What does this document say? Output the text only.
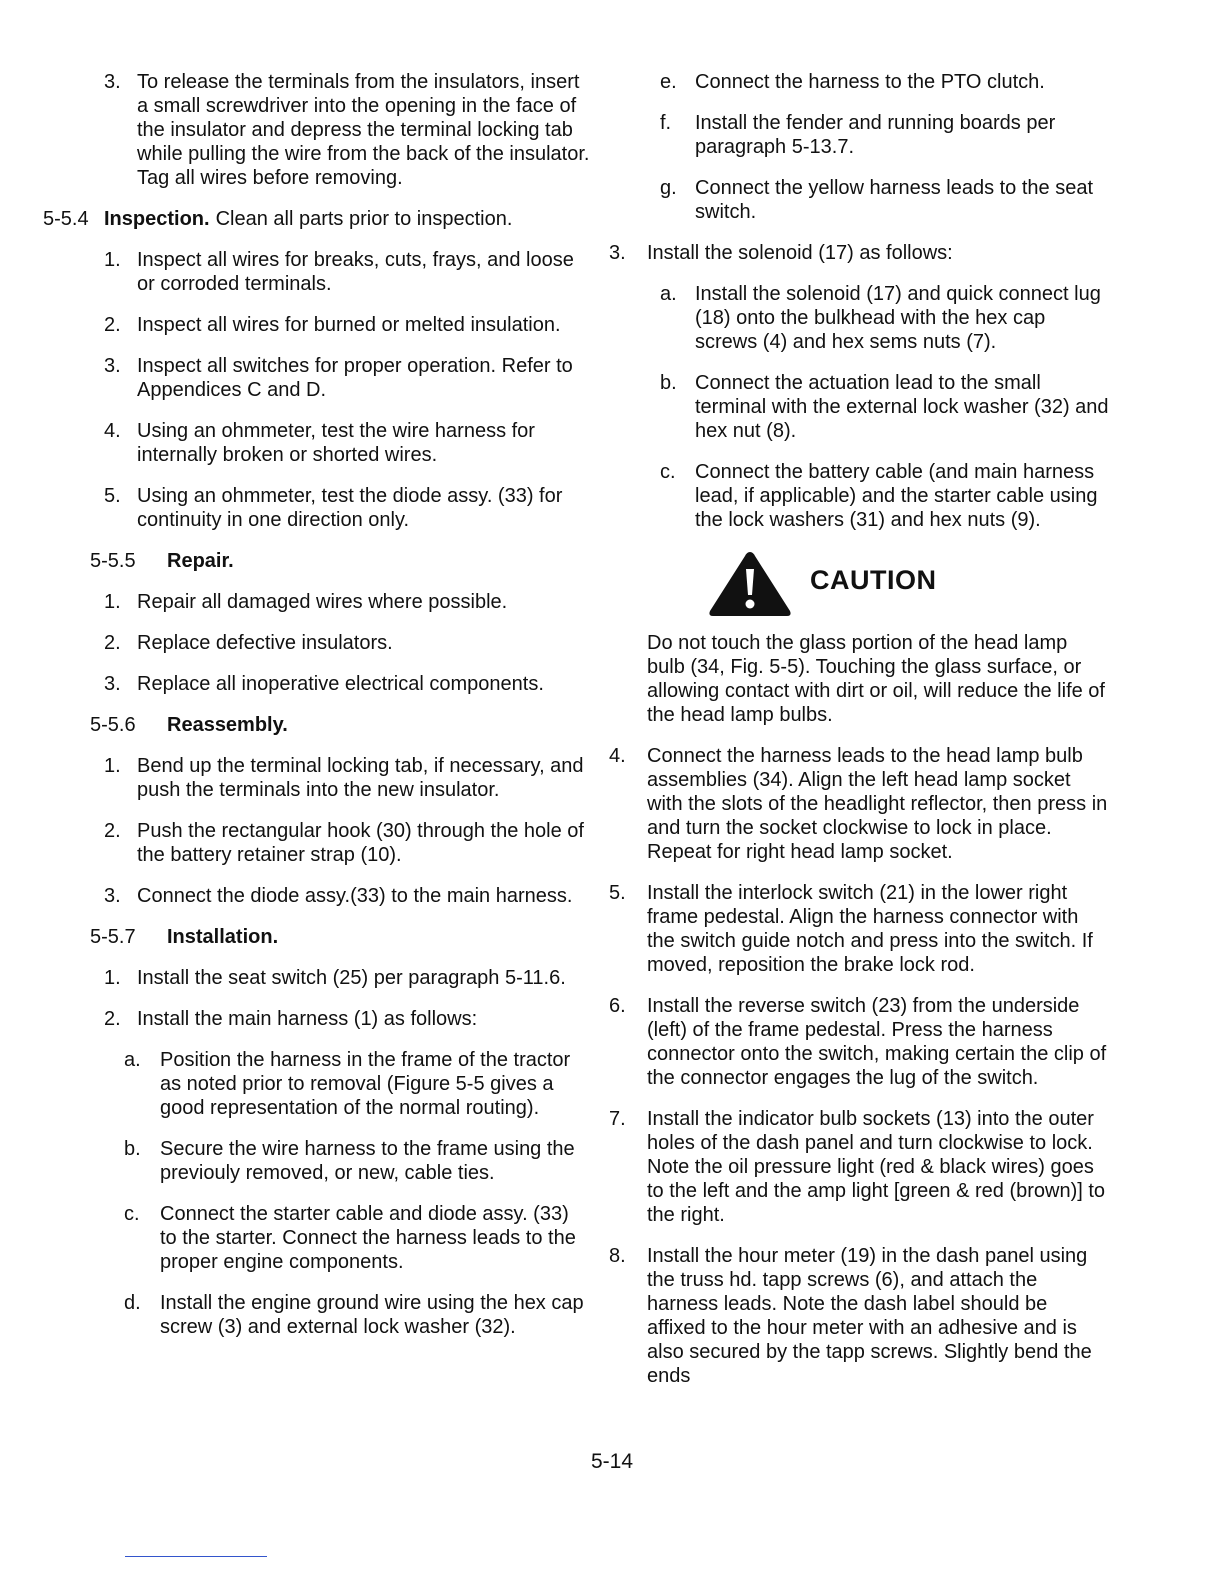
3. To release the terminals from the insulators, insert a small screwdriver into the opening in the face of the insulator and depress the terminal locking tab while pulling the wire from the back of the insulator. Tag all wires before removing.
5-5.4 Inspection. Clean all parts prior to inspection.
1. Inspect all wires for breaks, cuts, frays, and loose or corroded terminals.
2. Inspect all wires for burned or melted insulation.
3. Inspect all switches for proper operation. Refer to Appendices C and D.
4. Using an ohmmeter, test the wire harness for internally broken or shorted wires.
5. Using an ohmmeter, test the diode assy. (33) for continuity in one direction only.
5-5.5 Repair.
1. Repair all damaged wires where possible.
2. Replace defective insulators.
3. Replace all inoperative electrical components.
5-5.6 Reassembly.
1. Bend up the terminal locking tab, if necessary, and push the terminals into the new insulator.
2. Push the rectangular hook (30) through the hole of the battery retainer strap (10).
3. Connect the diode assy.(33) to the main harness.
5-5.7 Installation.
1. Install the seat switch (25) per paragraph 5-11.6.
2. Install the main harness (1) as follows:
a. Position the harness in the frame of the tractor as noted prior to removal (Figure 5-5 gives a good representation of the normal routing).
b. Secure the wire harness to the frame using the previouly removed, or new, cable ties.
c. Connect the starter cable and diode assy. (33) to the starter. Connect the harness leads to the proper engine components.
d. Install the engine ground wire using the hex cap screw (3) and external lock washer (32).
e. Connect the harness to the PTO clutch.
f. Install the fender and running boards per paragraph 5-13.7.
g. Connect the yellow harness leads to the seat switch.
3. Install the solenoid (17) as follows:
a. Install the solenoid (17) and quick connect lug (18) onto the bulkhead with the hex cap screws (4) and hex sems nuts (7).
b. Connect the actuation lead to the small terminal with the external lock washer (32) and hex nut (8).
c. Connect the battery cable (and main harness lead, if applicable) and the starter cable using the lock washers (31) and hex nuts (9).
CAUTION
Do not touch the glass portion of the head lamp bulb (34, Fig. 5-5). Touching the glass surface, or allowing contact with dirt or oil, will reduce the life of the head lamp bulbs.
4. Connect the harness leads to the head lamp bulb assemblies (34). Align the left head lamp socket with the slots of the headlight reflector, then press in and turn the socket clockwise to lock in place. Repeat for right head lamp socket.
5. Install the interlock switch (21) in the lower right frame pedestal. Align the harness connector with the switch guide notch and press into the switch. If moved, reposition the brake lock rod.
6. Install the reverse switch (23) from the underside (left) of the frame pedestal. Press the harness connector onto the switch, making certain the clip of the connector engages the lug of the switch.
7. Install the indicator bulb sockets (13) into the outer holes of the dash panel and turn clockwise to lock. Note the oil pressure light (red & black wires) goes to the left and the amp light [green & red (brown)] to the right.
8. Install the hour meter (19) in the dash panel using the truss hd. tapp screws (6), and attach the harness leads. Note the dash label should be affixed to the hour meter with an adhesive and is also secured by the tapp screws. Slightly bend the ends
5-14
